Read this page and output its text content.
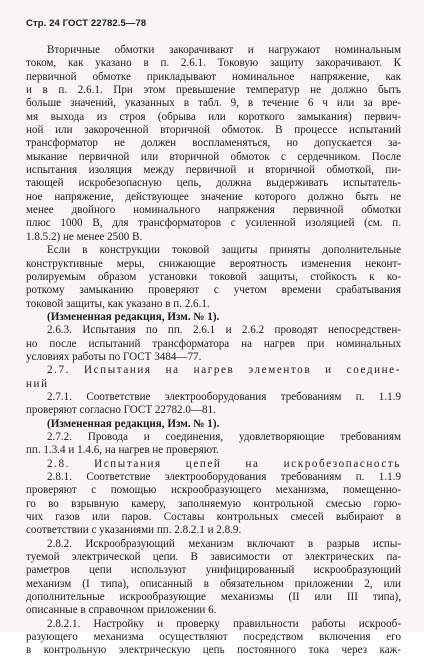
Стр. 24 ГОСТ 22782.5—78
Вторичные обмотки закорачивают и нагружают номинальным
током, как указано в п. 2.6.1. Токовую защиту закорачивают. К
первичной обмотке прикладывают номинальное напряжение, как
и в п. 2.6.1. При этом превышение температур не должно быть
больше значений, указанных в табл. 9, в течение 6 ч или за вре-
мя выхода из строя (обрыва или короткого замыкания) первич-
ной или закороченной вторичной обмоток. В процессе испытаний
трансформатор не должен воспламеняться, но допускается за-
мыкание первичной или вторичной обмоток с сердечником. После
испытания изоляция между первичной и вторичной обмоткой, пи-
тающей искробезопасную цепь, должна выдерживать испытатель-
ное напряжение, действующее значение которого должно быть не
менее двойного номинального напряжения первичной обмотки
плюс 1000 В, для трансформаторов с усиленной изоляцией (см. п.
1.8.5.2) не менее 2500 В.
Если в конструкции токовой защиты приняты дополнительные
конструктивные меры, снижающие вероятность изменения неконт-
ролируемым образом установки токовой защиты, стойкость к ко-
роткому замыканию проверяют с учетом времени срабатывания
токовой защиты, как указано в п. 2.6.1.
(Измененная редакция, Изм. № 1).
2.6.3. Испытания по пп. 2.6.1 и 2.6.2 проводят непосредствен-
но после испытаний трансформатора на нагрев при номинальных
условиях работы по ГОСТ 3484—77.
2.7. Испытания на нагрев элементов и соедине-
ний
2.7.1. Соответствие электрооборудования требованиям п. 1.1.9
проверяют согласно ГОСТ 22782.0—81.
(Измененная редакция, Изм. № 1).
2.7.2. Провода и соединения, удовлетворяющие требованиям
пп. 1.3.4 и 1.4.6, на нагрев не проверяют.
2.8. Испытания цепей на искробезопасность
2.8.1. Соответствие электрооборудования требованиям п. 1.1.9
проверяют с помощью искрообразующего механизма, помещенно-
го во взрывную камеру, заполняемую контрольной смесью горю-
чих газов или паров. Составы контрольных смесей выбирают в
соответствии с указаниями пп. 2.8.2.1 и 2.8.9.
2.8.2. Искрообразующий механизм включают в разрыв испы-
туемой электрической цепи. В зависимости от электрических па-
раметров цепи используют унифицированный искрообразующий
механизм (I типа), описанный в обязательном приложении 2, или
дополнительные искрообразующие механизмы (II или III типа),
описанные в справочном приложении 6.
2.8.2.1. Настройку и проверку правильности работы искрооб-
разующего механизма осуществляют посредством включения его
в контрольную электрическую цепь постоянного тока через каж-
